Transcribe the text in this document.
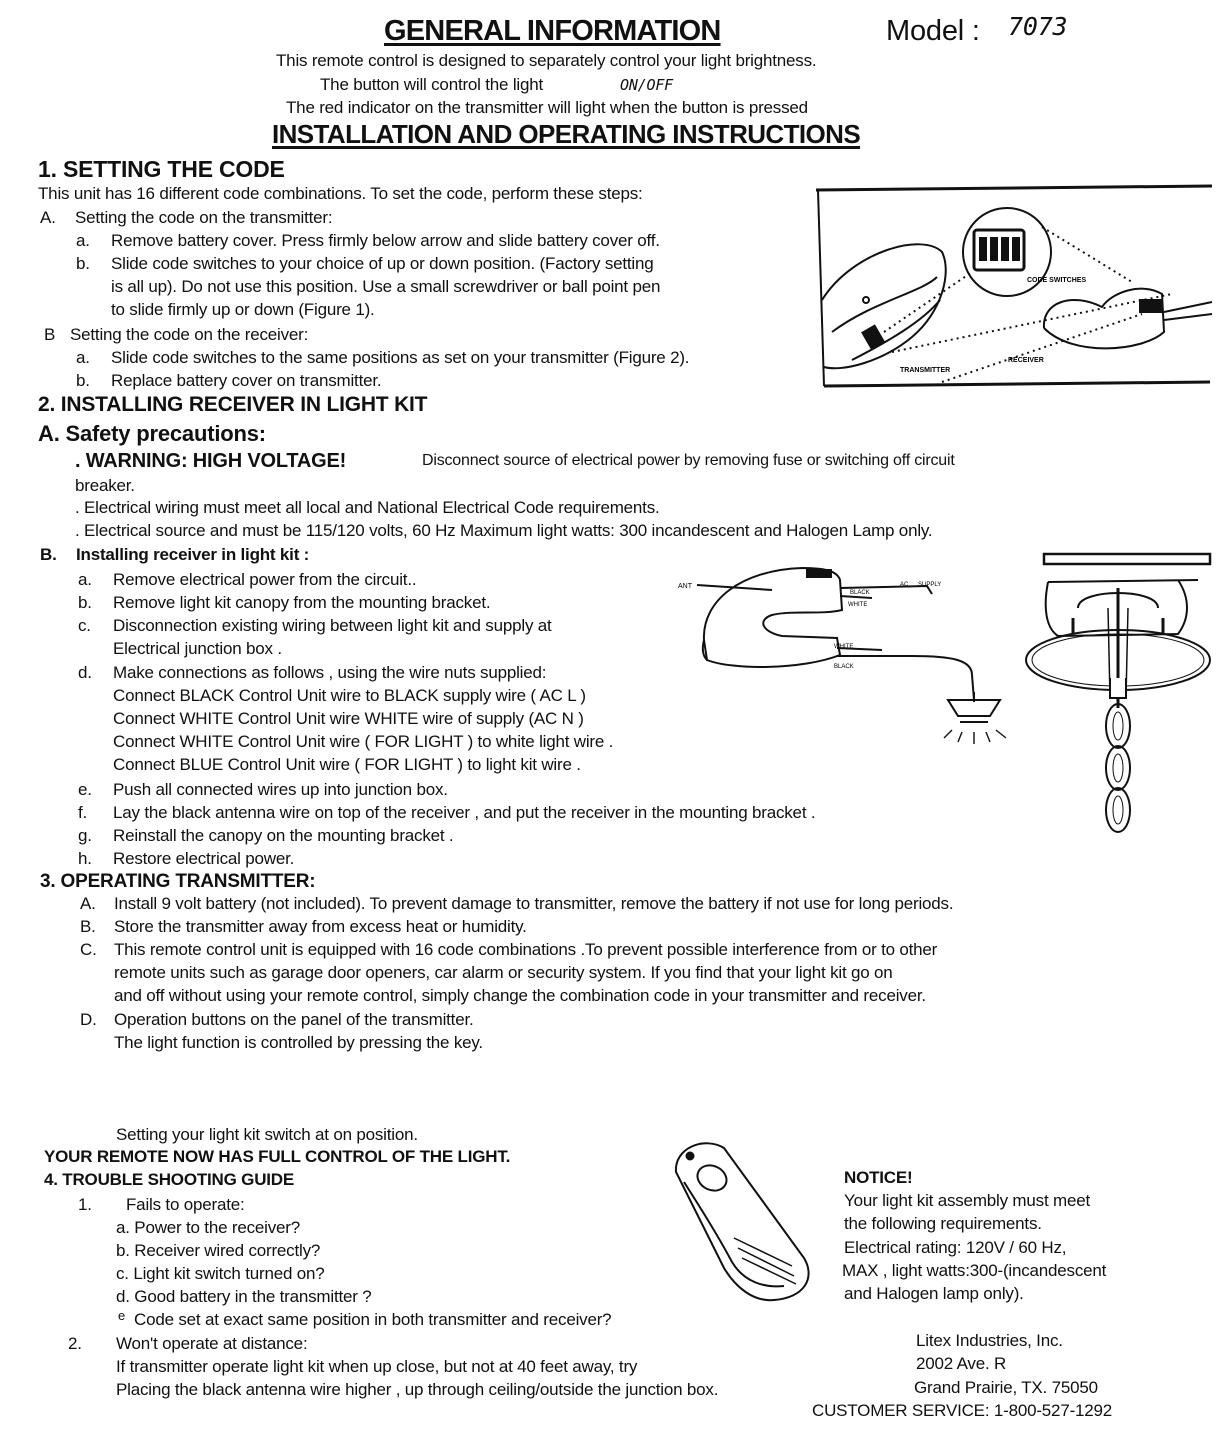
GENERAL INFORMATION	Model : 7073
This remote control is designed to separately control your light brightness.
The button will control the light	ON/OFF
The red indicator on the transmitter will light when the button is pressed
INSTALLATION AND OPERATING INSTRUCTIONS
1. SETTING THE CODE
This unit has 16 different code combinations. To set the code, perform these steps:
A. Setting the code on the transmitter:
a. Remove battery cover. Press firmly below arrow and slide battery cover off.
b. Slide code switches to your choice of up or down position. (Factory setting
is all up). Do not use this position. Use a small screwdriver or ball point pen
to slide firmly up or down (Figure 1).
B Setting the code on the receiver:
a. Slide code switches to the same positions as set on your transmitter (Figure 2).
b. Replace battery cover on transmitter.
CODE SWITCHES
TRANSMITTER
RECEIVER
2. INSTALLING RECEIVER IN LIGHT KIT
A. Safety precautions:
. WARNING: HIGH VOLTAGE!	Disconnect source of electrical power by removing fuse or switching off circuit
breaker.
. Electrical wiring must meet all local and National Electrical Code requirements.
. Electrical source and must be 115/120 volts, 60 Hz Maximum light watts: 300 incandescent and Halogen Lamp only.
B. Installing receiver in light kit :
a. Remove electrical power from the circuit..
b. Remove light kit canopy from the mounting bracket.
c. Disconnection existing wiring between light kit and supply at
Electrical junction box .
d. Make connections as follows , using the wire nuts supplied:
Connect BLACK Control Unit wire to BLACK supply wire ( AC L )
Connect WHITE Control Unit wire WHITE wire of supply (AC N )
Connect WHITE Control Unit wire ( FOR LIGHT ) to white light wire .
Connect BLUE Control Unit wire ( FOR LIGHT ) to light kit wire .
e. Push all connected wires up into junction box.
f. Lay the black antenna wire on top of the receiver , and put the receiver in the mounting bracket .
g. Reinstall the canopy on the mounting bracket .
h. Restore electrical power.
ANT
BLACK
WHITE
AC SUPPLY
WHITE
BLACK
3. OPERATING TRANSMITTER:
A. Install 9 volt battery (not included). To prevent damage to transmitter, remove the battery if not use for long periods.
B. Store the transmitter away from excess heat or humidity.
C. This remote control unit is equipped with 16 code combinations .To prevent possible interference from or to other
remote units such as garage door openers, car alarm or security system. If you find that your light kit go on
and off without using your remote control, simply change the combination code in your transmitter and receiver.
D. Operation buttons on the panel of the transmitter.
The light function is controlled by pressing the key.
Setting your light kit switch at on position.
YOUR REMOTE NOW HAS FULL CONTROL OF THE LIGHT.
4. TROUBLE SHOOTING GUIDE
1. Fails to operate:
a. Power to the receiver?
b. Receiver wired correctly?
c. Light kit switch turned on?
d. Good battery in the transmitter ?
e Code set at exact same position in both transmitter and receiver?
2. Won't operate at distance:
If transmitter operate light kit when up close, but not at 40 feet away, try
Placing the black antenna wire higher , up through ceiling/outside the junction box.
NOTICE!
Your light kit assembly must meet
the following requirements.
Electrical rating: 120V / 60 Hz,
MAX , light watts:300-(incandescent
and Halogen lamp only).
Litex Industries, Inc.
2002 Ave. R
Grand Prairie, TX. 75050
CUSTOMER SERVICE: 1-800-527-1292
